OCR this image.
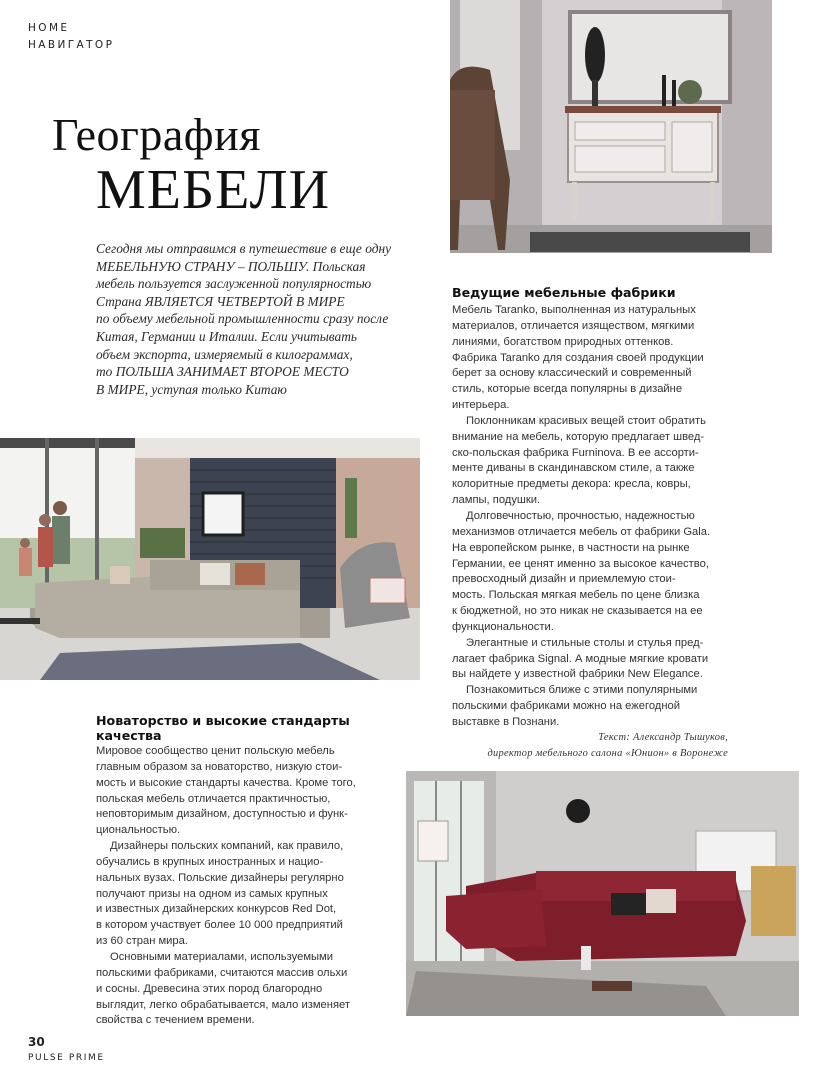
HOME
НАВИГАТОР
География
МЕБЕЛИ
Сегодня мы отправимся в путешествие в еще одну
МЕБЕЛЬНУЮ СТРАНУ – ПОЛЬШУ. Польская
мебель пользуется заслуженной популярностью
Страна ЯВЛЯЕТСЯ ЧЕТВЕРТОЙ В МИРЕ
по объему мебельной промышленности сразу после
Китая, Германии и Италии. Если учитывать
объем экспорта, измеряемый в килограммах,
то ПОЛЬША ЗАНИМАЕТ ВТОРОЕ МЕСТО
В МИРЕ, уступая только Китаю
Ведущие мебельные фабрики
Мебель Taranko, выполненная из натуральных
материалов, отличается изяществом, мягкими
линиями, богатством природных оттенков.
Фабрика Taranko для создания своей продукции
берет за основу классический и современный
стиль, которые всегда популярны в дизайне
интерьера.
Поклонникам красивых вещей стоит обратить
внимание на мебель, которую предлагает швед-
ско-польская фабрика Furninova. В ее ассорти-
менте диваны в скандинавском стиле, а также
колоритные предметы декора: кресла, ковры,
лампы, подушки.
Долговечностью, прочностью, надежностью
механизмов отличается мебель от фабрики Gala.
На европейском рынке, в частности на рынке
Германии, ее ценят именно за высокое качество,
превосходный дизайн и приемлемую стои-
мость. Польская мягкая мебель по цене близка
к бюджетной, но это никак не сказывается на ее
функциональности.
Элегантные и стильные столы и стулья пред-
лагает фабрика Signal. А модные мягкие кровати
вы найдете у известной фабрики New Elegance.
Познакомиться ближе с этими популярными
польскими фабриками можно на ежегодной
выставке в Познани.
Текст: Александр Тышуков,
директор мебельного салона «Юнион» в Воронеже
Новаторство и высокие стандарты
качества
Мировое сообщество ценит польскую мебель
главным образом за новаторство, низкую стои-
мость и высокие стандарты качества. Кроме того,
польская мебель отличается практичностью,
неповторимым дизайном, доступностью и функ-
циональностью.
Дизайнеры польских компаний, как правило,
обучались в крупных иностранных и нацио-
нальных вузах. Польские дизайнеры регулярно
получают призы на одном из самых крупных
и известных дизайнерских конкурсов Red Dot,
в котором участвует более 10 000 предприятий
из 60 стран мира.
Основными материалами, используемыми
польскими фабриками, считаются массив ольхи
и сосны. Древесина этих пород благородно
выглядит, легко обрабатывается, мало изменяет
свойства с течением времени.
30
PULSE PRIME
